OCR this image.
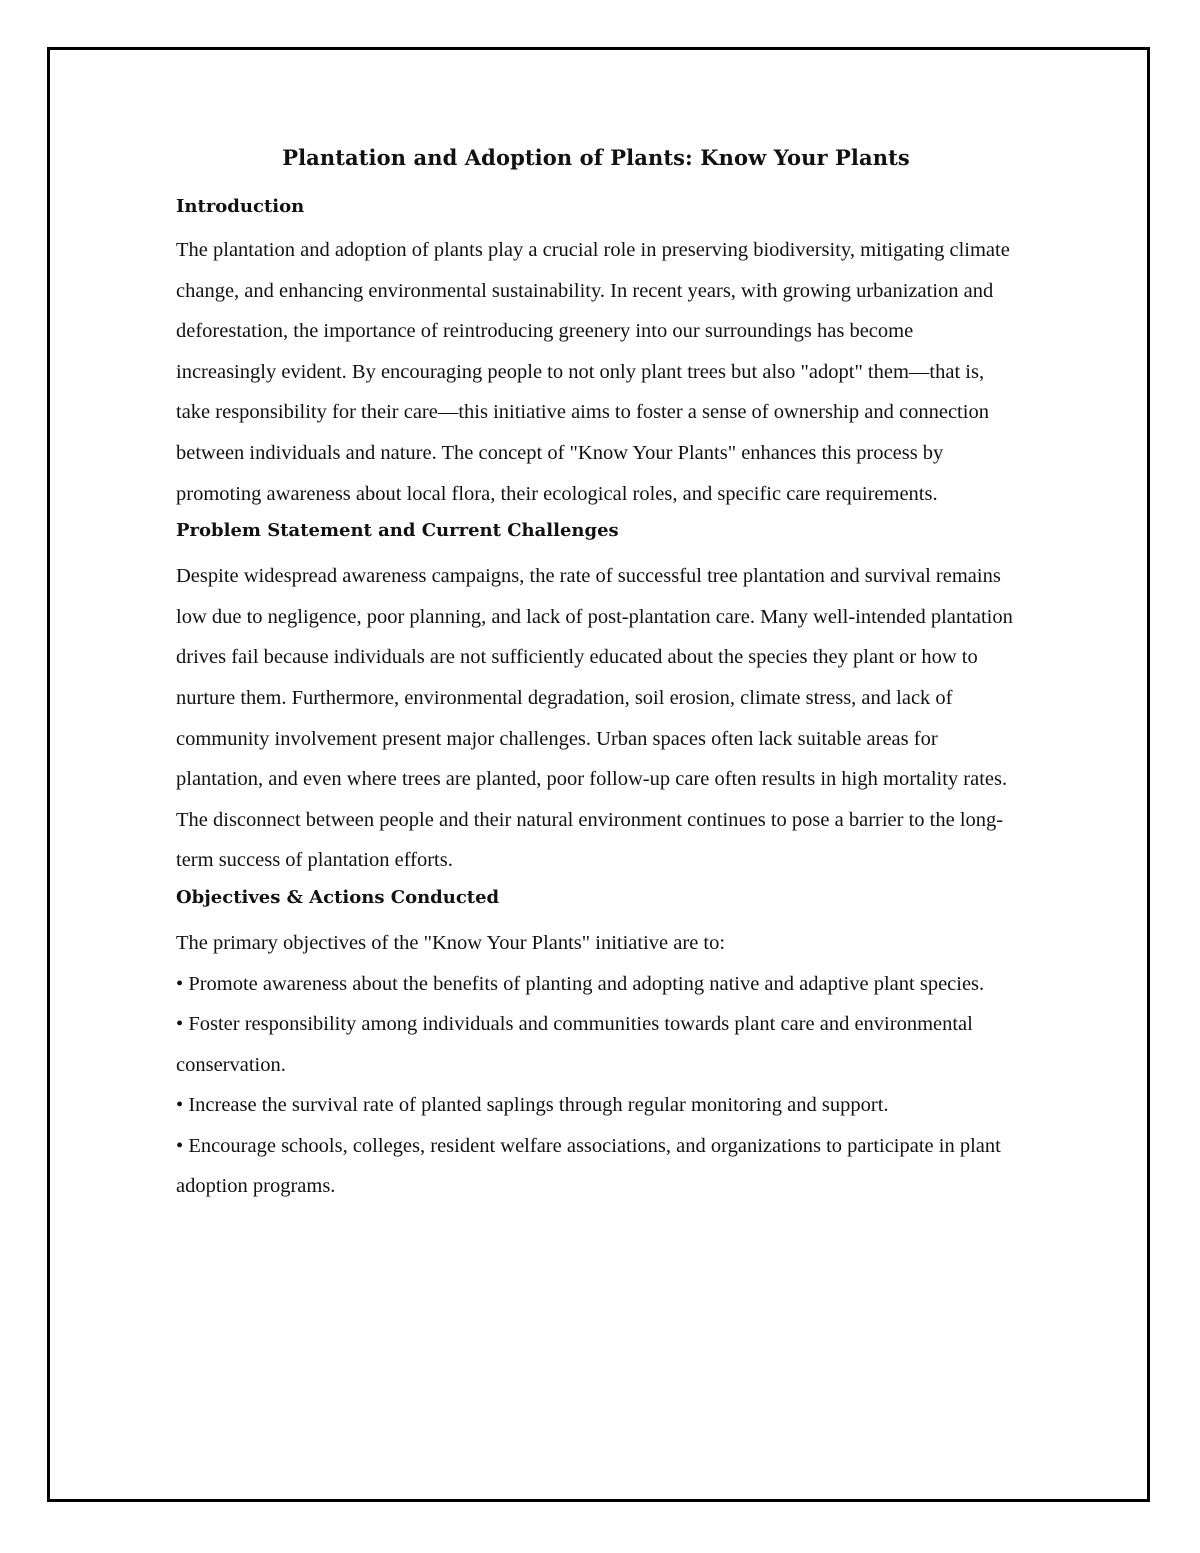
Plantation and Adoption of Plants: Know Your Plants
Introduction

The plantation and adoption of plants play a crucial role in preserving biodiversity, mitigating climate change, and enhancing environmental sustainability. In recent years, with growing urbanization and deforestation, the importance of reintroducing greenery into our surroundings has become increasingly evident. By encouraging people to not only plant trees but also "adopt" them—that is, take responsibility for their care—this initiative aims to foster a sense of ownership and connection between individuals and nature. The concept of "Know Your Plants" enhances this process by promoting awareness about local flora, their ecological roles, and specific care requirements.

Problem Statement and Current Challenges

Despite widespread awareness campaigns, the rate of successful tree plantation and survival remains low due to negligence, poor planning, and lack of post-plantation care. Many well-intended plantation drives fail because individuals are not sufficiently educated about the species they plant or how to nurture them. Furthermore, environmental degradation, soil erosion, climate stress, and lack of community involvement present major challenges. Urban spaces often lack suitable areas for plantation, and even where trees are planted, poor follow-up care often results in high mortality rates. The disconnect between people and their natural environment continues to pose a barrier to the long-term success of plantation efforts.

Objectives & Actions Conducted

The primary objectives of the "Know Your Plants" initiative are to:

• Promote awareness about the benefits of planting and adopting native and adaptive plant species.
• Foster responsibility among individuals and communities towards plant care and environmental conservation.
• Increase the survival rate of planted saplings through regular monitoring and support.
• Encourage schools, colleges, resident welfare associations, and organizations to participate in plant adoption programs.
